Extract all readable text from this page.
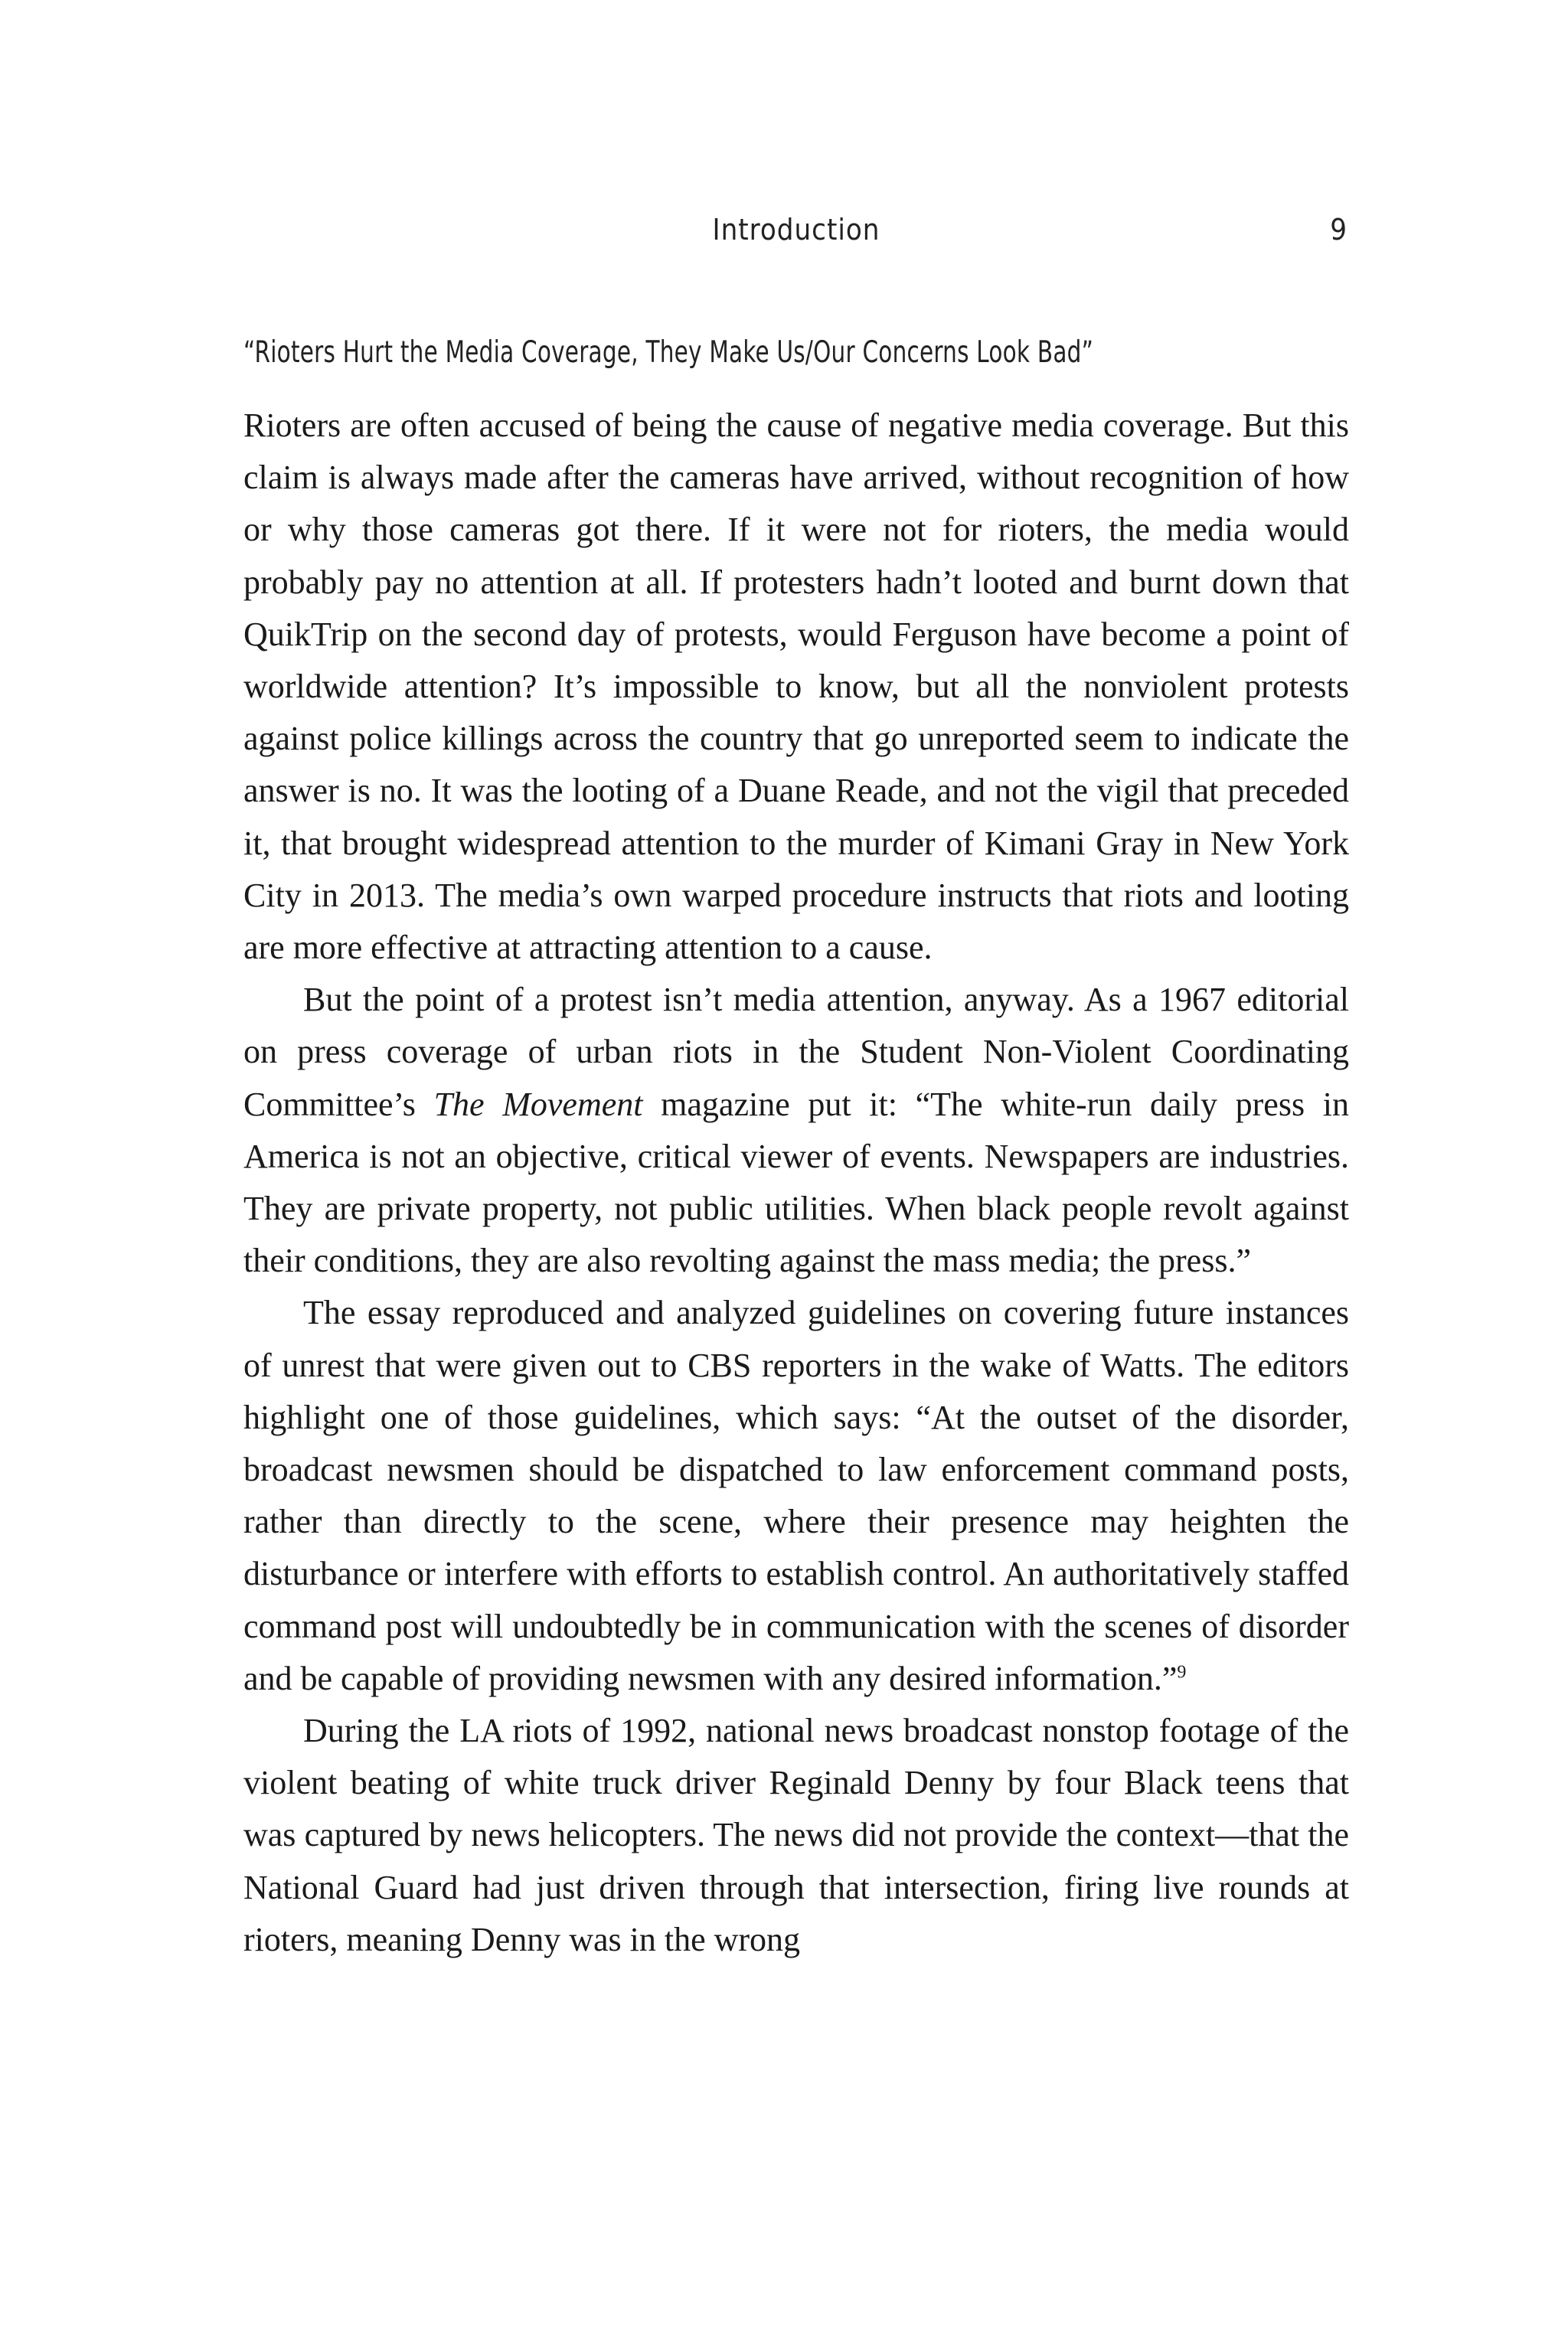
Introduction	9
“Rioters Hurt the Media Coverage, They Make Us/Our Concerns Look Bad”

Rioters are often accused of being the cause of negative media coverage. But this claim is always made after the cameras have arrived, without recognition of how or why those cameras got there. If it were not for rioters, the media would probably pay no attention at all. If protesters hadn’t looted and burnt down that QuikTrip on the second day of protests, would Ferguson have become a point of worldwide attention? It’s impossible to know, but all the nonviolent protests against police killings across the country that go unreported seem to indicate the answer is no. It was the looting of a Duane Reade, and not the vigil that preceded it, that brought widespread attention to the murder of Kimani Gray in New York City in 2013. The media’s own warped procedure instructs that riots and looting are more effective at attracting attention to a cause.

But the point of a protest isn’t media attention, anyway. As a 1967 editorial on press coverage of urban riots in the Student Non-Violent Coordinating Committee’s The Movement magazine put it: “The white-run daily press in America is not an objective, critical viewer of events. Newspapers are industries. They are private property, not public utilities. When black people revolt against their conditions, they are also revolting against the mass media; the press.”

The essay reproduced and analyzed guidelines on covering future instances of unrest that were given out to CBS reporters in the wake of Watts. The editors highlight one of those guidelines, which says: “At the outset of the disorder, broadcast newsmen should be dispatched to law enforcement command posts, rather than directly to the scene, where their presence may heighten the disturbance or interfere with efforts to establish control. An authoritatively staffed command post will undoubtedly be in communication with the scenes of disorder and be capable of providing newsmen with any desired information.”$^9$

During the LA riots of 1992, national news broadcast nonstop footage of the violent beating of white truck driver Reginald Denny by four Black teens that was captured by news helicopters. The news did not provide the context—that the National Guard had just driven through that intersection, firing live rounds at rioters, meaning Denny was in the wrong
